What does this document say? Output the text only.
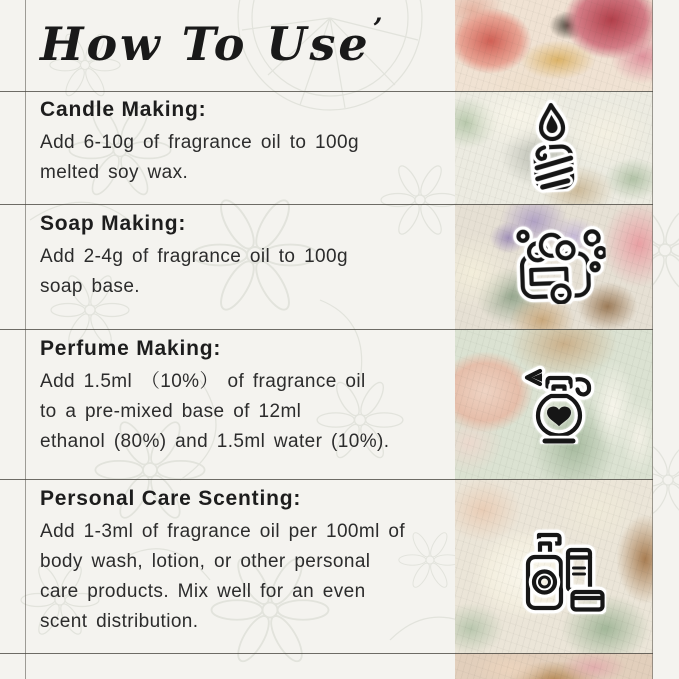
How To Use’
Candle Making:
Add 6-10g of fragrance oil to 100g
melted soy wax.
Soap Making:
Add 2-4g of fragrance oil to 100g
soap base.
Perfume Making:
Add 1.5ml （10%） of fragrance oil
to a pre-mixed base of 12ml
ethanol (80%) and 1.5ml water (10%).
Personal Care Scenting:
Add 1-3ml of fragrance oil per 100ml of
body wash, lotion, or other personal
care products. Mix well for an even
scent distribution.
